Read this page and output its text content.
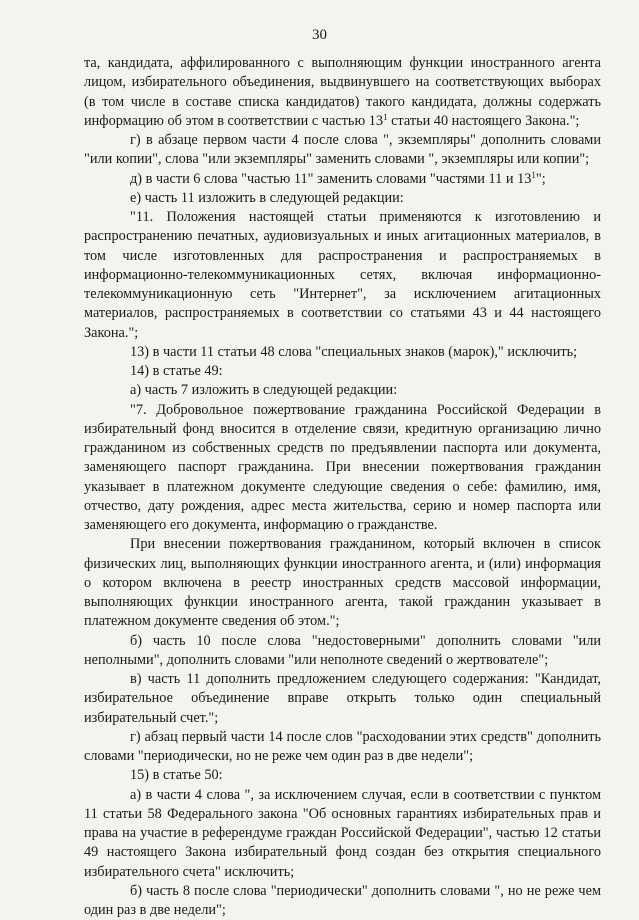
30

та, кандидата, аффилированного с выполняющим функции иностранного агента лицом, избирательного объединения, выдвинувшего на соответствующих выборах (в том числе в составе списка кандидатов) такого кандидата, должны содержать информацию об этом в соответствии с частью $13^1$ статьи 40 настоящего Закона.";

г) в абзаце первом части 4 после слова ", экземпляры" дополнить словами "или копии", слова "или экземпляры" заменить словами ", экземпляры или копии";

д) в части 6 слова "частью 11" заменить словами "частями 11 и $13^1$";

е) часть 11 изложить в следующей редакции:

"11. Положения настоящей статьи применяются к изготовлению и распространению печатных, аудиовизуальных и иных агитационных материалов, в том числе изготовленных для распространения и распространяемых в информационно-телекоммуникационных сетях, включая информационно-телекоммуникационную сеть "Интернет", за исключением агитационных материалов, распространяемых в соответствии со статьями 43 и 44 настоящего Закона.";

13) в части 11 статьи 48 слова "специальных знаков (марок)," исключить;

14) в статье 49:

а) часть 7 изложить в следующей редакции:

"7. Добровольное пожертвование гражданина Российской Федерации в избирательный фонд вносится в отделение связи, кредитную организацию лично гражданином из собственных средств по предъявлении паспорта или документа, заменяющего паспорт гражданина. При внесении пожертвования гражданин указывает в платежном документе следующие сведения о себе: фамилию, имя, отчество, дату рождения, адрес места жительства, серию и номер паспорта или заменяющего его документа, информацию о гражданстве.

При внесении пожертвования гражданином, который включен в список физических лиц, выполняющих функции иностранного агента, и (или) информация о котором включена в реестр иностранных средств массовой информации, выполняющих функции иностранного агента, такой гражданин указывает в платежном документе сведения об этом.";

б) часть 10 после слова "недостоверными" дополнить словами "или неполными", дополнить словами "или неполноте сведений о жертвователе";

в) часть 11 дополнить предложением следующего содержания: "Кандидат, избирательное объединение вправе открыть только один специальный избирательный счет.";

г) абзац первый части 14 после слов "расходовании этих средств" дополнить словами "периодически, но не реже чем один раз в две недели";

15) в статье 50:

а) в части 4 слова ", за исключением случая, если в соответствии с пунктом 11 статьи 58 Федерального закона "Об основных гарантиях избирательных прав и права на участие в референдуме граждан Российской Федерации", частью 12 статьи 49 настоящего Закона избирательный фонд создан без открытия специального избирательного счета" исключить;

б) часть 8 после слова "периодически" дополнить словами ", но не реже чем один раз в две недели";
